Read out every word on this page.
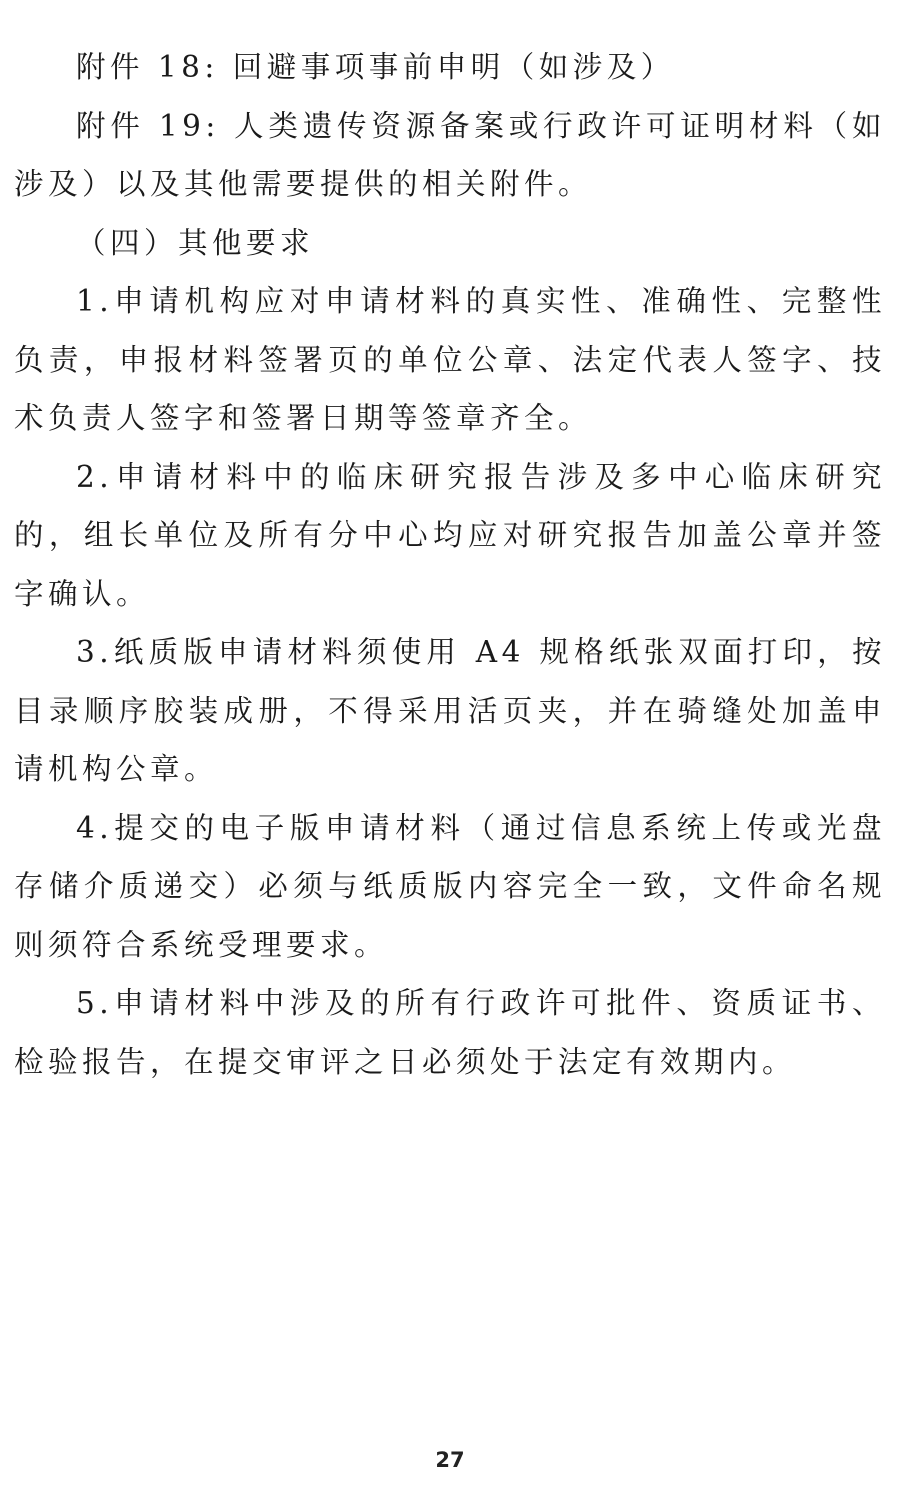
附件 18: 回避事项事前申明（如涉及）

附件 19: 人类遗传资源备案或行政许可证明材料（如涉及）以及其他需要提供的相关附件。

（四）其他要求

1.申请机构应对申请材料的真实性、准确性、完整性负责，申报材料签署页的单位公章、法定代表人签字、技术负责人签字和签署日期等签章齐全。

2.申请材料中的临床研究报告涉及多中心临床研究的，组长单位及所有分中心均应对研究报告加盖公章并签字确认。

3.纸质版申请材料须使用 A4 规格纸张双面打印，按目录顺序胶装成册，不得采用活页夹，并在骑缝处加盖申请机构公章。

4.提交的电子版申请材料（通过信息系统上传或光盘存储介质递交）必须与纸质版内容完全一致，文件命名规则须符合系统受理要求。

5.申请材料中涉及的所有行政许可批件、资质证书、检验报告，在提交审评之日必须处于法定有效期内。

27
